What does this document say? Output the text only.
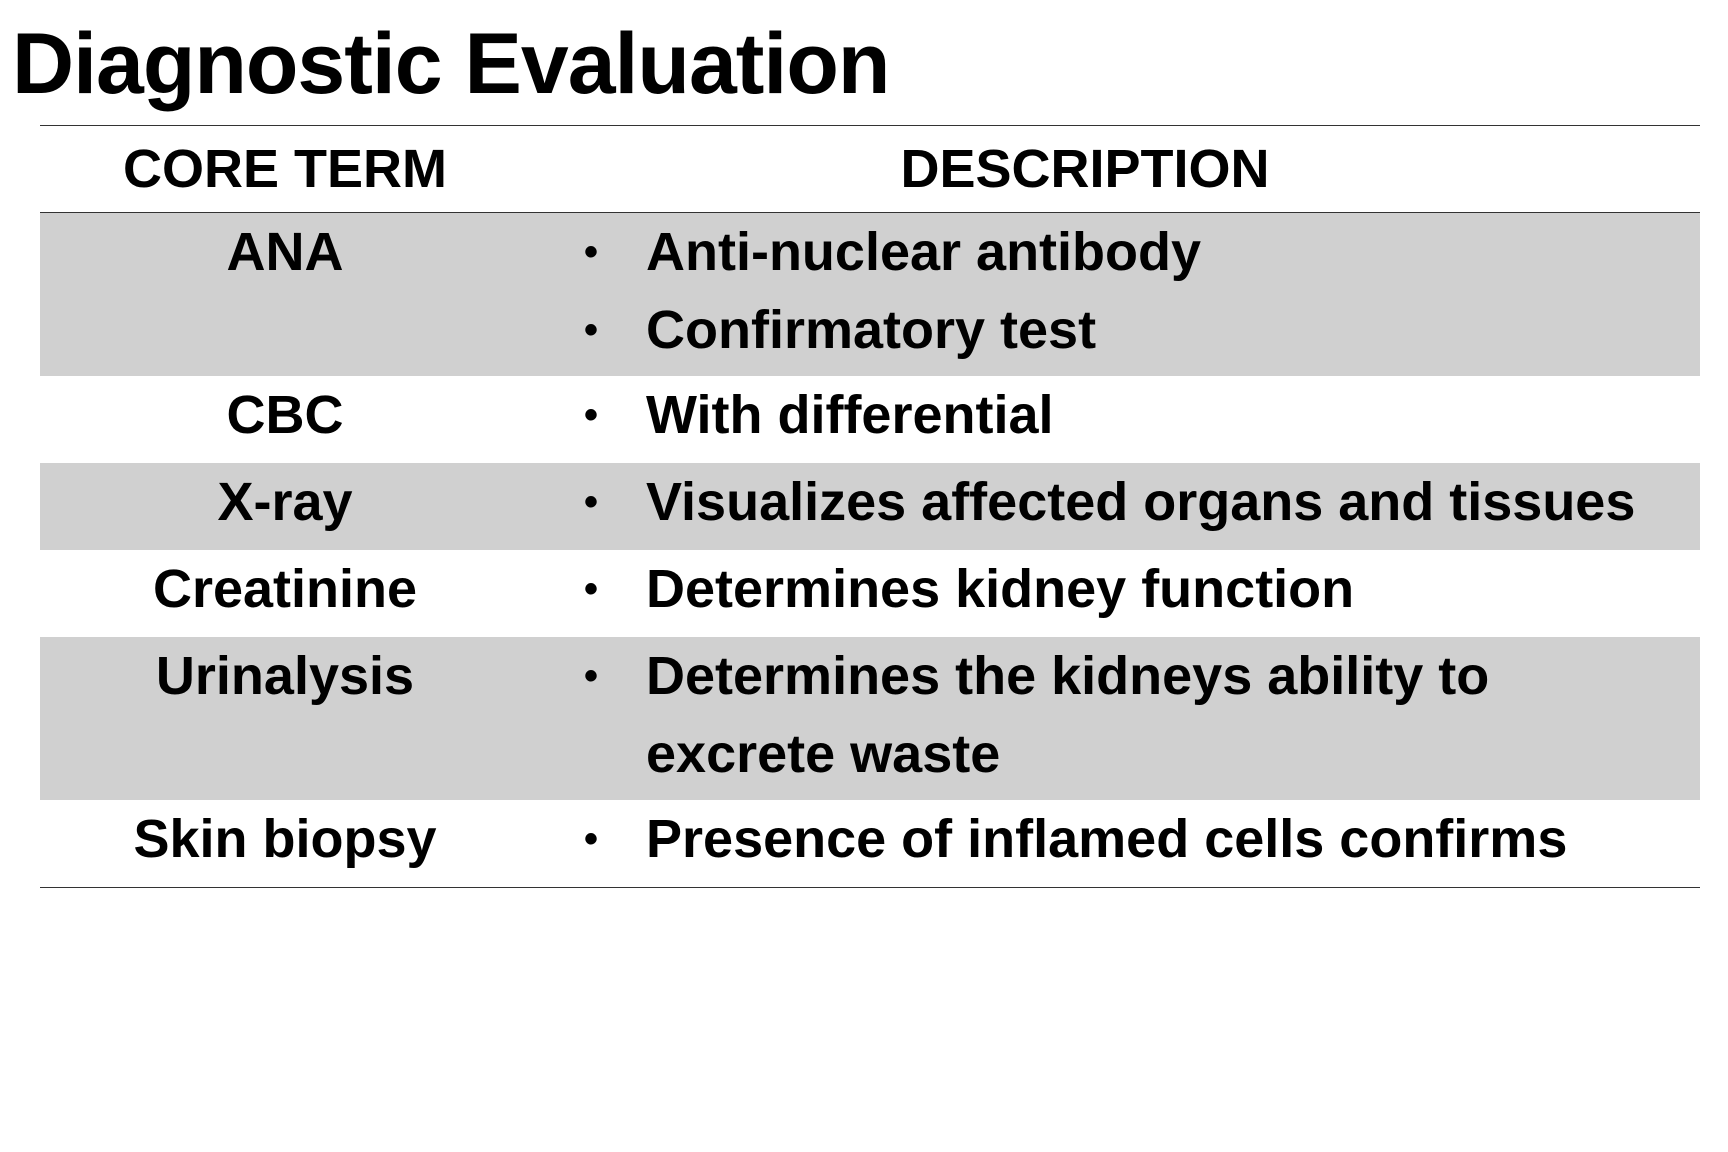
Diagnostic Evaluation
CORE TERM	DESCRIPTION
ANA	• Anti-nuclear antibody
• Confirmatory test
CBC	• With differential
X-ray	• Visualizes affected organs and tissues
Creatinine	• Determines kidney function
Urinalysis	• Determines the kidneys ability to excrete waste
Skin biopsy	• Presence of inflamed cells confirms
